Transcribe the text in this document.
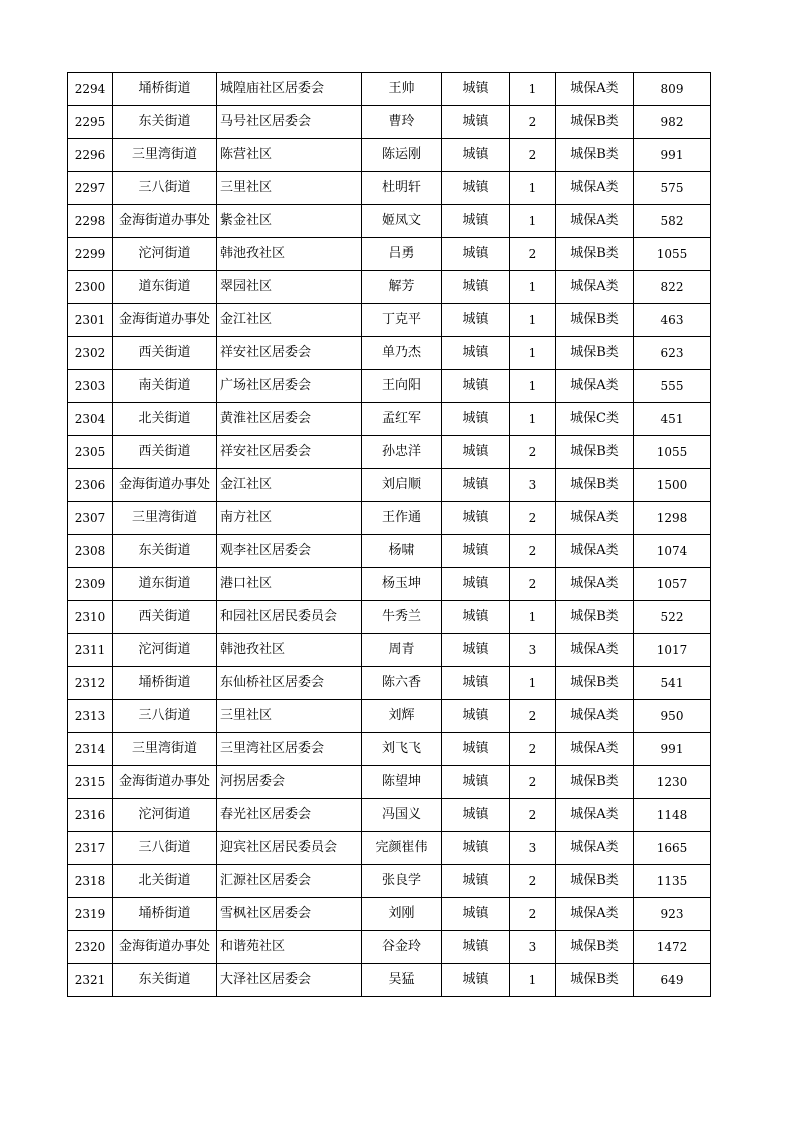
2294	埇桥街道	城隍庙社区居委会	王帅	城镇	1	城保A类	809
2295	东关街道	马号社区居委会	曹玲	城镇	2	城保B类	982
2296	三里湾街道	陈营社区	陈运刚	城镇	2	城保B类	991
2297	三八街道	三里社区	杜明轩	城镇	1	城保A类	575
2298	金海街道办事处	紫金社区	姬凤文	城镇	1	城保A类	582
2299	沱河街道	韩池孜社区	吕勇	城镇	2	城保B类	1055
2300	道东街道	翠园社区	解芳	城镇	1	城保A类	822
2301	金海街道办事处	金江社区	丁克平	城镇	1	城保B类	463
2302	西关街道	祥安社区居委会	单乃杰	城镇	1	城保B类	623
2303	南关街道	广场社区居委会	王向阳	城镇	1	城保A类	555
2304	北关街道	黄淮社区居委会	孟红军	城镇	1	城保C类	451
2305	西关街道	祥安社区居委会	孙忠洋	城镇	2	城保B类	1055
2306	金海街道办事处	金江社区	刘启顺	城镇	3	城保B类	1500
2307	三里湾街道	南方社区	王作通	城镇	2	城保A类	1298
2308	东关街道	观李社区居委会	杨啸	城镇	2	城保A类	1074
2309	道东街道	港口社区	杨玉坤	城镇	2	城保A类	1057
2310	西关街道	和园社区居民委员会	牛秀兰	城镇	1	城保B类	522
2311	沱河街道	韩池孜社区	周青	城镇	3	城保A类	1017
2312	埇桥街道	东仙桥社区居委会	陈六香	城镇	1	城保B类	541
2313	三八街道	三里社区	刘辉	城镇	2	城保A类	950
2314	三里湾街道	三里湾社区居委会	刘飞飞	城镇	2	城保A类	991
2315	金海街道办事处	河拐居委会	陈望坤	城镇	2	城保B类	1230
2316	沱河街道	春光社区居委会	冯国义	城镇	2	城保A类	1148
2317	三八街道	迎宾社区居民委员会	完颜崔伟	城镇	3	城保A类	1665
2318	北关街道	汇源社区居委会	张良学	城镇	2	城保B类	1135
2319	埇桥街道	雪枫社区居委会	刘刚	城镇	2	城保A类	923
2320	金海街道办事处	和谐苑社区	谷金玲	城镇	3	城保B类	1472
2321	东关街道	大泽社区居委会	吴猛	城镇	1	城保B类	649
